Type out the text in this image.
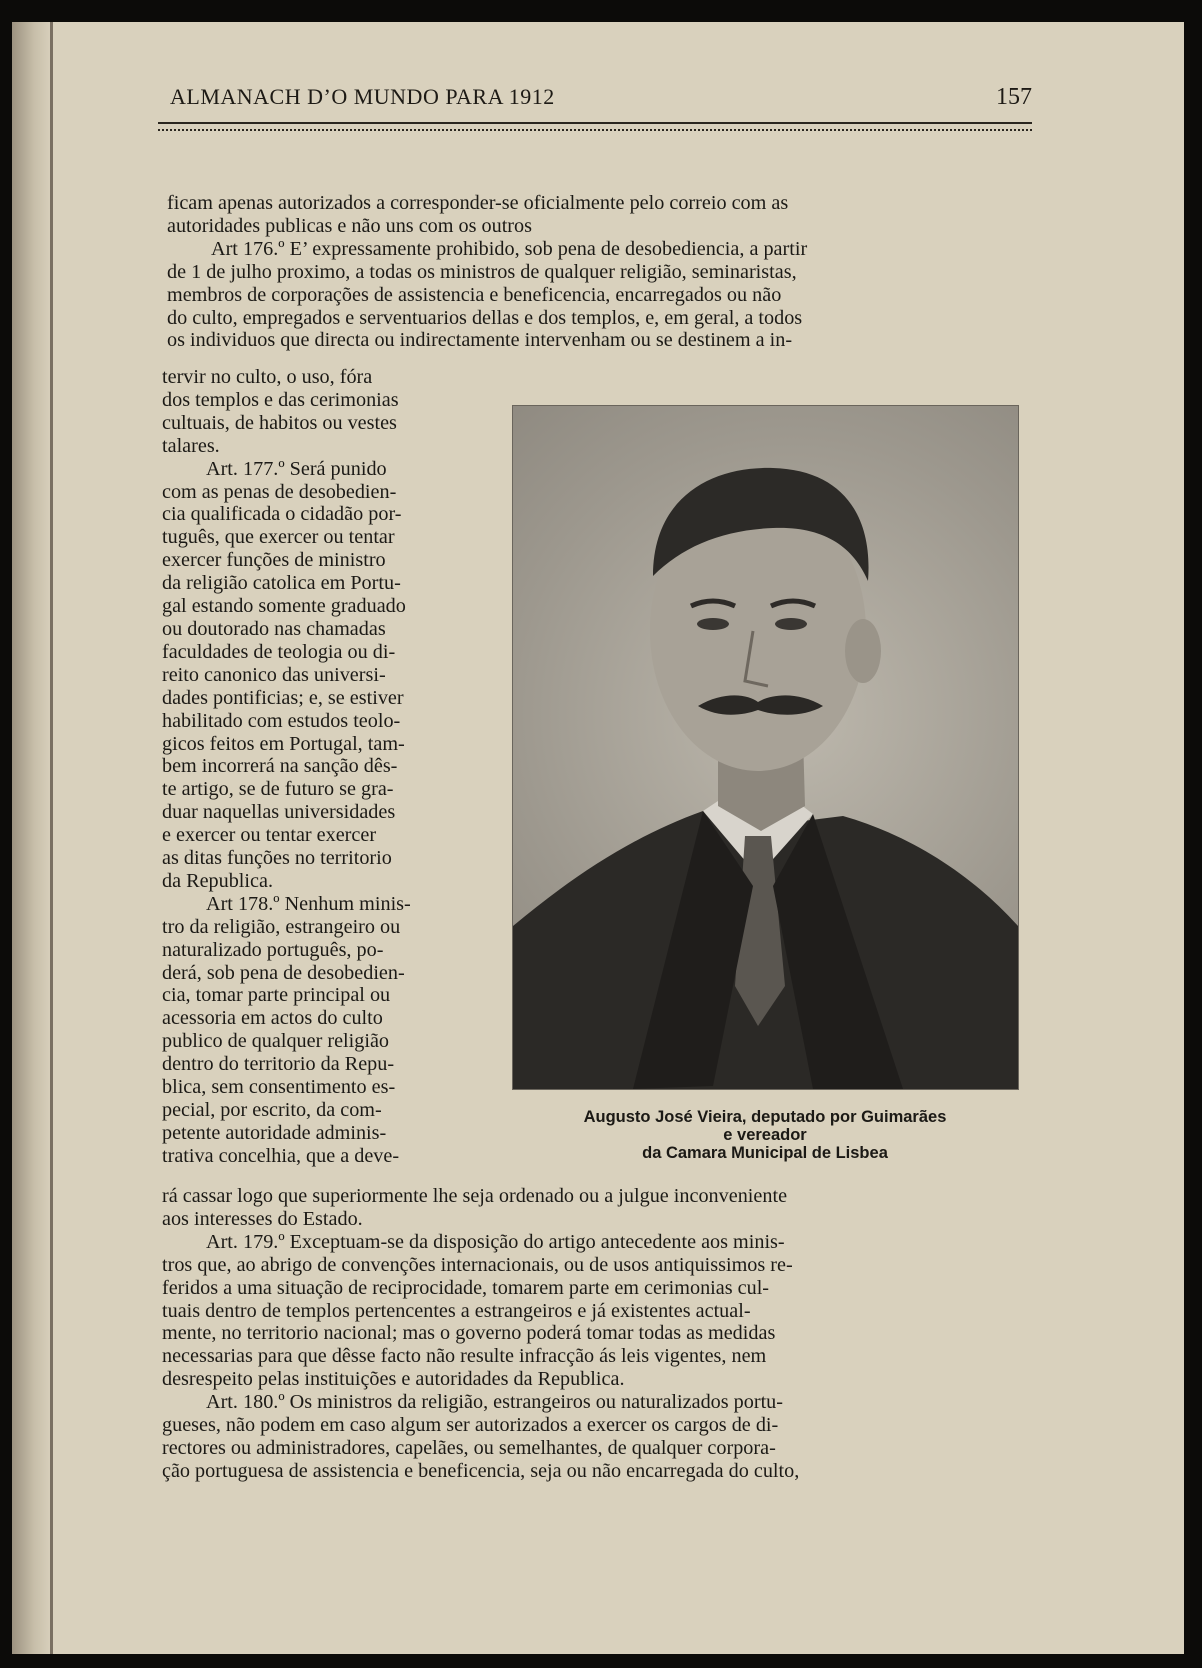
ALMANACH D’O MUNDO PARA 1912	157
ficam apenas autorizados a corresponder-se oficialmente pelo correio com as
autoridades publicas e não uns com os outros
Art 176.º E’ expressamente prohibido, sob pena de desobediencia, a partir
de 1 de julho proximo, a todas os ministros de qualquer religião, seminaristas,
membros de corporações de assistencia e beneficencia, encarregados ou não
do culto, empregados e serventuarios dellas e dos templos, e, em geral, a todos
os individuos que directa ou indirectamente intervenham ou se destinem a in-
tervir no culto, o uso, fóra
dos templos e das cerimonias
cultuais, de habitos ou vestes
talares.
Art. 177.º Será punido
com as penas de desobedien-
cia qualificada o cidadão por-
tuguês, que exercer ou tentar
exercer funções de ministro
da religião catolica em Portu-
gal estando somente graduado
ou doutorado nas chamadas
faculdades de teologia ou di-
reito canonico das universi-
dades pontificias; e, se estiver
habilitado com estudos teolo-
gicos feitos em Portugal, tam-
bem incorrerá na sanção dês-
te artigo, se de futuro se gra-
duar naquellas universidades
e exercer ou tentar exercer
as ditas funções no territorio
da Republica.
Art 178.º Nenhum minis-
tro da religião, estrangeiro ou
naturalizado português, po-
derá, sob pena de desobedien-
cia, tomar parte principal ou
acessoria em actos do culto
publico de qualquer religião
dentro do territorio da Repu-
blica, sem consentimento es-
pecial, por escrito, da com-
petente autoridade adminis-
trativa concelhia, que a deve-
Augusto José Vieira, deputado por Guimarães
e vereador
da Camara Municipal de Lisbea
rá cassar logo que superiormente lhe seja ordenado ou a julgue inconveniente
aos interesses do Estado.
Art. 179.º Exceptuam-se da disposição do artigo antecedente aos minis-
tros que, ao abrigo de convenções internacionais, ou de usos antiquissimos re-
feridos a uma situação de reciprocidade, tomarem parte em cerimonias cul-
tuais dentro de templos pertencentes a estrangeiros e já existentes actual-
mente, no territorio nacional; mas o governo poderá tomar todas as medidas
necessarias para que dêsse facto não resulte infracção ás leis vigentes, nem
desrespeito pelas instituições e autoridades da Republica.
Art. 180.º Os ministros da religião, estrangeiros ou naturalizados portu-
gueses, não podem em caso algum ser autorizados a exercer os cargos de di-
rectores ou administradores, capelães, ou semelhantes, de qualquer corpora-
ção portuguesa de assistencia e beneficencia, seja ou não encarregada do culto,
